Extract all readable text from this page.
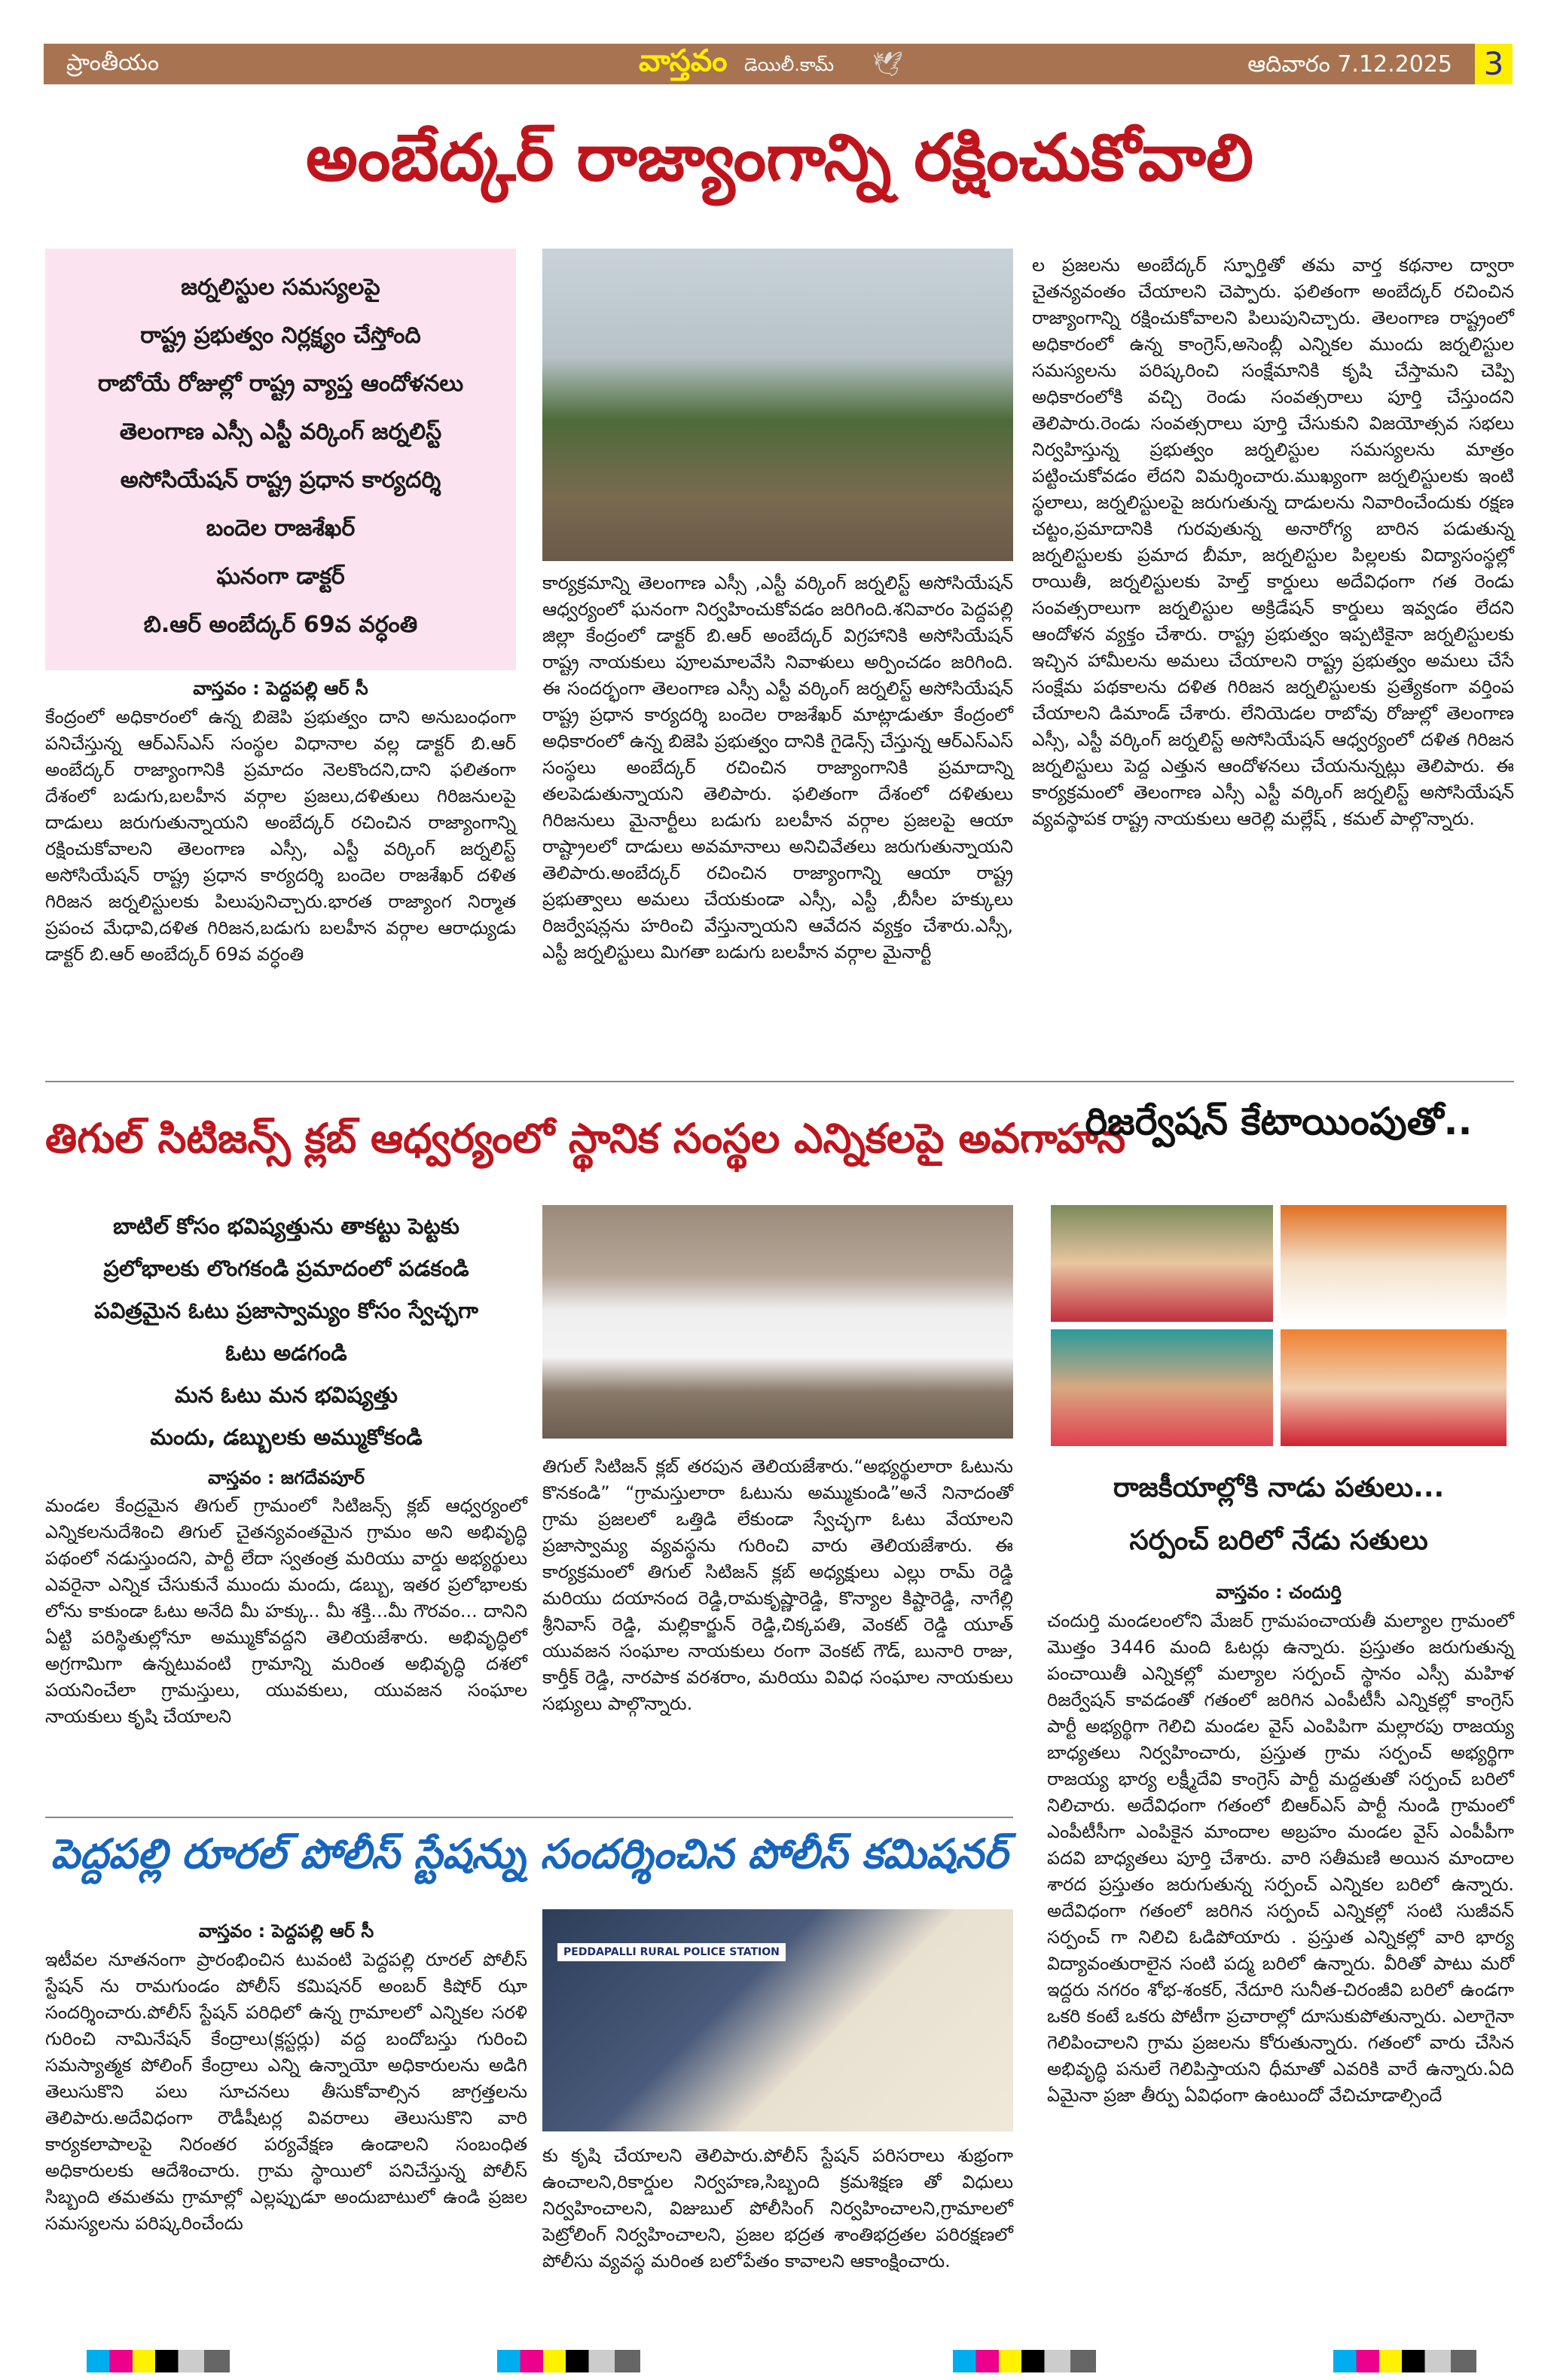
ప్రాంతీయం	వాస్తవం డెయిలీ.కామ్ 🕊	ఆదివారం 7.12.2025 3
అంబేద్కర్ రాజ్యాంగాన్ని రక్షించుకోవాలి
జర్నలిస్టుల సమస్యలపై
రాష్ట్ర ప్రభుత్వం నిర్లక్ష్యం చేస్తోంది
రాబోయే రోజుల్లో రాష్ట్ర వ్యాప్త ఆందోళనలు
తెలంగాణ ఎస్సీ ఎస్టీ వర్కింగ్ జర్నలిస్ట్
అసోసియేషన్ రాష్ట్ర ప్రధాన కార్యదర్శి
బందెల రాజశేఖర్
ఘనంగా డాక్టర్
బి.ఆర్ అంబేద్కర్ 69వ వర్ధంతి
వాస్తవం : పెద్దపల్లి ఆర్ సీ
కేంద్రంలో అధికారంలో ఉన్న బిజెపి ప్రభుత్వం దాని అనుబంధంగా పనిచేస్తున్న ఆర్ఎస్ఎస్ సంస్థల విధానాల వల్ల డాక్టర్ బి.ఆర్ అంబేద్కర్ రాజ్యాంగానికి ప్రమాదం నెలకొందని,దాని ఫలితంగా దేశంలో బడుగు,బలహీన వర్గాల ప్రజలు,దళితులు గిరిజనులపై దాడులు జరుగుతున్నాయని అంబేద్కర్ రచించిన రాజ్యాంగాన్ని రక్షించుకోవాలని తెలంగాణ ఎస్సీ, ఎస్టీ వర్కింగ్ జర్నలిస్ట్ అసోసియేషన్ రాష్ట్ర ప్రధాన కార్యదర్శి బందెల రాజశేఖర్ దళిత గిరిజన జర్నలిస్టులకు పిలుపునిచ్చారు.భారత రాజ్యాంగ నిర్మాత ప్రపంచ మేధావి,దళిత గిరిజన,బడుగు బలహీన వర్గాల ఆరాధ్యుడు డాక్టర్ బి.ఆర్ అంబేద్కర్ 69వ వర్ధంతి
కార్యక్రమాన్ని తెలంగాణ ఎస్సీ ,ఎస్టీ వర్కింగ్ జర్నలిస్ట్ అసోసియేషన్ ఆధ్వర్యంలో ఘనంగా నిర్వహించుకోవడం జరిగింది.శనివారం పెద్దపల్లి జిల్లా కేంద్రంలో డాక్టర్ బి.ఆర్ అంబేద్కర్ విగ్రహానికి అసోసియేషన్ రాష్ట్ర నాయకులు పూలమాలవేసి నివాళులు అర్పించడం జరిగింది. ఈ సందర్భంగా తెలంగాణ ఎస్సీ ఎస్టీ వర్కింగ్ జర్నలిస్ట్ అసోసియేషన్ రాష్ట్ర ప్రధాన కార్యదర్శి బందెల రాజశేఖర్ మాట్లాడుతూ కేంద్రంలో అధికారంలో ఉన్న బిజెపి ప్రభుత్వం దానికి గైడెన్స్ చేస్తున్న ఆర్ఎస్ఎస్ సంస్థలు అంబేద్కర్ రచించిన రాజ్యాంగానికి ప్రమాదాన్ని తలపెడుతున్నాయని తెలిపారు. ఫలితంగా దేశంలో దళితులు గిరిజనులు మైనార్టీలు బడుగు బలహీన వర్గాల ప్రజలపై ఆయా రాష్ట్రాలలో దాడులు అవమానాలు అనిచివేతలు జరుగుతున్నాయని తెలిపారు.అంబేద్కర్ రచించిన రాజ్యాంగాన్ని ఆయా రాష్ట్ర ప్రభుత్వాలు అమలు చేయకుండా ఎస్సీ, ఎస్టీ ,బీసీల హక్కులు రిజర్వేషన్లను హరించి వేస్తున్నాయని ఆవేదన వ్యక్తం చేశారు.ఎస్సీ, ఎస్టీ జర్నలిస్టులు మిగతా బడుగు బలహీన వర్గాల మైనార్టీ
ల ప్రజలను అంబేద్కర్ స్ఫూర్తితో తమ వార్త కథనాల ద్వారా చైతన్యవంతం చేయాలని చెప్పారు. ఫలితంగా అంబేద్కర్ రచించిన రాజ్యాంగాన్ని రక్షించుకోవాలని పిలుపునిచ్చారు. తెలంగాణ రాష్ట్రంలో అధికారంలో ఉన్న కాంగ్రెస్,అసెంబ్లీ ఎన్నికల ముందు జర్నలిస్టుల సమస్యలను పరిష్కరించి సంక్షేమానికి కృషి చేస్తామని చెప్పి అధికారంలోకి వచ్చి రెండు సంవత్సరాలు పూర్తి చేస్తుందని తెలిపారు.రెండు సంవత్సరాలు పూర్తి చేసుకుని విజయోత్సవ సభలు నిర్వహిస్తున్న ప్రభుత్వం జర్నలిస్టుల సమస్యలను మాత్రం పట్టించుకోవడం లేదని విమర్శించారు.ముఖ్యంగా జర్నలిస్టులకు ఇంటి స్థలాలు, జర్నలిస్టులపై జరుగుతున్న దాడులను నివారించేందుకు రక్షణ చట్టం,ప్రమాదానికి గురవుతున్న అనారోగ్య బారిన పడుతున్న జర్నలిస్టులకు ప్రమాద బీమా, జర్నలిస్టుల పిల్లలకు విద్యాసంస్థల్లో రాయితీ, జర్నలిస్టులకు హెల్త్ కార్డులు అదేవిధంగా గత రెండు సంవత్సరాలుగా జర్నలిస్టుల అక్రిడేషన్ కార్డులు ఇవ్వడం లేదని ఆందోళన వ్యక్తం చేశారు. రాష్ట్ర ప్రభుత్వం ఇప్పటికైనా జర్నలిస్టులకు ఇచ్చిన హామీలను అమలు చేయాలని రాష్ట్ర ప్రభుత్వం అమలు చేసే సంక్షేమ పథకాలను దళిత గిరిజన జర్నలిస్టులకు ప్రత్యేకంగా వర్తింప చేయాలని డిమాండ్ చేశారు. లేనియెడల రాబోవు రోజుల్లో తెలంగాణ ఎస్సీ, ఎస్టీ వర్కింగ్ జర్నలిస్ట్ అసోసియేషన్ ఆధ్వర్యంలో దళిత గిరిజన జర్నలిస్టులు పెద్ద ఎత్తున ఆందోళనలు చేయనున్నట్లు తెలిపారు. ఈ కార్యక్రమంలో తెలంగాణ ఎస్సీ ఎస్టీ వర్కింగ్ జర్నలిస్ట్ అసోసియేషన్ వ్యవస్థాపక రాష్ట్ర నాయకులు ఆరెల్లి మల్లేష్ , కమల్ పాల్గొన్నారు.
తిగుల్ సిటిజన్స్ క్లబ్ ఆధ్వర్యంలో స్థానిక సంస్థల ఎన్నికలపై అవగాహన
బాటిల్ కోసం భవిష్యత్తును తాకట్టు పెట్టకు
ప్రలోభాలకు లొంగకండి ప్రమాదంలో పడకండి
పవిత్రమైన ఓటు ప్రజాస్వామ్యం కోసం స్వేచ్ఛగా
ఓటు అడగండి
మన ఓటు మన భవిష్యత్తు
మందు, డబ్బులకు అమ్ముకోకండి
వాస్తవం : జగదేవపూర్
మండల కేంద్రమైన తిగుల్ గ్రామంలో సిటిజన్స్ క్లబ్ ఆధ్వర్యంలో ఎన్నికలనుదేశించి తిగుల్ చైతన్యవంతమైన గ్రామం అని అభివృద్ధి పథంలో నడుస్తుందని, పార్టీ లేదా స్వతంత్ర మరియు వార్డు అభ్యర్థులు ఎవరైనా ఎన్నిక చేసుకునే ముందు మందు, డబ్బు, ఇతర ప్రలోభాలకు లోను కాకుండా ఓటు అనేది మీ హక్కు.. మీ శక్తి...మీ గౌరవం... దానిని ఏట్టి పరిస్థితుల్లోనూ అమ్ముకోవద్దని తెలియజేశారు. అభివృద్ధిలో అగ్రగామిగా ఉన్నటువంటి గ్రామాన్ని మరింత అభివృద్ధి దశలో పయనించేలా గ్రామస్తులు, యువకులు, యువజన సంఘాల నాయకులు కృషి చేయాలని
తిగుల్ సిటిజన్ క్లబ్ తరపున తెలియజేశారు.“అభ్యర్థులారా ఓటును కొనకండి” “గ్రామస్తులారా ఓటును అమ్ముకుండి”అనే నినాదంతో గ్రామ ప్రజలలో ఒత్తిడి లేకుండా స్వేచ్ఛగా ఓటు వేయాలని ప్రజాస్వామ్య వ్యవస్థను గురించి వారు తెలియజేశారు. ఈ కార్యక్రమంలో తిగుల్ సిటిజన్ క్లబ్ అధ్యక్షులు ఎల్లు రామ్ రెడ్డి మరియు దయానంద రెడ్డి,రామకృష్ణారెడ్డి, కొన్యాల కిష్టారెడ్డి, నాగేల్లి శ్రీనివాస్ రెడ్డి, మల్లికార్జున్ రెడ్డి,చిక్కపతి, వెంకట్ రెడ్డి యూత్ యువజన సంఘాల నాయకులు రంగా వెంకట్ గౌడ్, బునారి రాజు, కార్తీక్ రెడ్డి, నారపాక వరశరాం, మరియు వివిధ సంఘాల నాయకులు సభ్యులు పాల్గొన్నారు.
పెద్దపల్లి రూరల్ పోలీస్ స్టేషన్ను సందర్శించిన పోలీస్ కమిషనర్
వాస్తవం : పెద్దపల్లి ఆర్ సీ
ఇటీవల నూతనంగా ప్రారంభించిన టువంటి పెద్దపల్లి రూరల్ పోలీస్ స్టేషన్ ను రామగుండం పోలీస్ కమిషనర్ అంబర్ కిషోర్ ఝా సందర్శించారు.పోలీస్ స్టేషన్ పరిధిలో ఉన్న గ్రామాలలో ఎన్నికల సరళి గురించి నామినేషన్ కేంద్రాలు(క్లస్టర్లు) వద్ద బందోబస్తు గురించి సమస్యాత్మక పోలింగ్ కేంద్రాలు ఎన్ని ఉన్నాయో అధికారులను అడిగి తెలుసుకొని పలు సూచనలు తీసుకోవాల్సిన జాగ్రత్తలను తెలిపారు.అదేవిధంగా రౌడీషీటర్ల వివరాలు తెలుసుకొని వారి కార్యకలాపాలపై నిరంతర పర్యవేక్షణ ఉండాలని సంబంధిత అధికారులకు ఆదేశించారు. గ్రామ స్థాయిలో పనిచేస్తున్న పోలీస్ సిబ్బంది తమతమ గ్రామాల్లో ఎల్లప్పుడూ అందుబాటులో ఉండి ప్రజల సమస్యలను పరిష్కరించేందు
PEDDAPALLI RURAL POLICE STATION
కు కృషి చేయాలని తెలిపారు.పోలీస్ స్టేషన్ పరిసరాలు శుభ్రంగా ఉంచాలని,రికార్డుల నిర్వహణ,సిబ్బంది క్రమశిక్షణ తో విధులు నిర్వహించాలని, విజుబుల్ పోలీసింగ్ నిర్వహించాలని,గ్రామాలలో పెట్రోలింగ్ నిర్వహించాలని, ప్రజల భద్రత శాంతిభద్రతల పరిరక్షణలో పోలీసు వ్యవస్థ మరింత బలోపేతం కావాలని ఆకాంక్షించారు.
రిజర్వేషన్ కేటాయింపుతో..
రాజకీయాల్లోకి నాడు పతులు...
సర్పంచ్ బరిలో నేడు సతులు
వాస్తవం : చందుర్తి
చందుర్తి మండలంలోని మేజర్ గ్రామపంచాయతీ మల్యాల గ్రామంలో మొత్తం 3446 మంది ఓటర్లు ఉన్నారు. ప్రస్తుతం జరుగుతున్న పంచాయితీ ఎన్నికల్లో మల్యాల సర్పంచ్ స్థానం ఎస్సీ మహిళ రిజర్వేషన్ కావడంతో గతంలో జరిగిన ఎంపీటీసీ ఎన్నికల్లో కాంగ్రెస్ పార్టీ అభ్యర్థిగా గెలిచి మండల వైస్ ఎంపిపిగా మల్లారపు రాజయ్య బాధ్యతలు నిర్వహించారు, ప్రస్తుత గ్రామ సర్పంచ్ అభ్యర్థిగా రాజయ్య భార్య లక్ష్మీదేవి కాంగ్రెస్ పార్టీ మద్దతుతో సర్పంచ్ బరిలో నిలిచారు. అదేవిధంగా గతంలో బిఆర్ఎస్ పార్టీ నుండి గ్రామంలో ఎంపీటీసీగా ఎంపికైన మాందాల అబ్రహం మండల వైస్ ఎంపీపీగా పదవి బాధ్యతలు పూర్తి చేశారు. వారి సతీమణి అయిన మాందాల శారద ప్రస్తుతం జరుగుతున్న సర్పంచ్ ఎన్నికల బరిలో ఉన్నారు. అదేవిధంగా గతంలో జరిగిన సర్పంచ్ ఎన్నికల్లో సంటి సుజీవన్ సర్పంచ్ గా నిలిచి ఓడిపోయారు . ప్రస్తుత ఎన్నికల్లో వారి భార్య విద్యావంతురాలైన సంటి పద్మ బరిలో ఉన్నారు. వీరితో పాటు మరో ఇద్దరు నగరం శోభ-శంకర్, నేదూరి సునీత-చిరంజీవి బరిలో ఉండగా ఒకరి కంటే ఒకరు పోటీగా ప్రచారాల్లో దూసుకుపోతున్నారు. ఎలాగైనా గెలిపించాలని గ్రామ ప్రజలను కోరుతున్నారు. గతంలో వారు చేసిన అభివృద్ధి పనులే గెలిపిస్తాయని ధీమాతో ఎవరికి వారే ఉన్నారు.ఏది ఏమైనా ప్రజా తీర్పు ఏవిధంగా ఉంటుందో వేచిచూడాల్సిందే
